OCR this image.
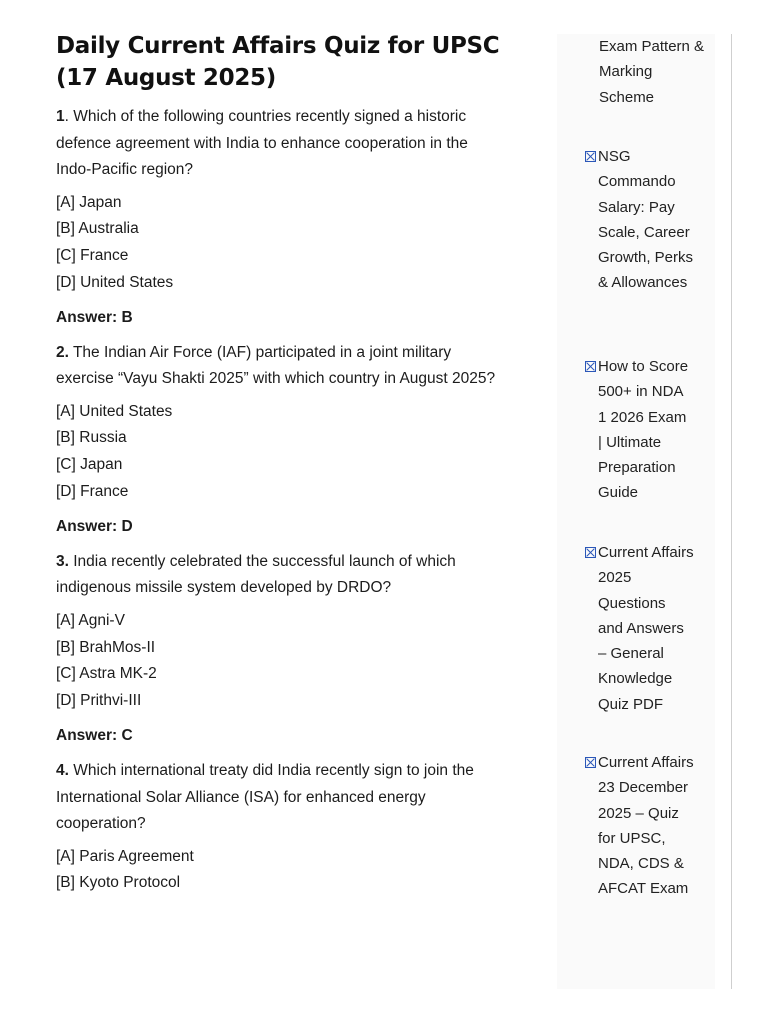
Daily Current Affairs Quiz for UPSC
(17 August 2025)

1. Which of the following countries recently signed a historic defence agreement with India to enhance cooperation in the Indo-Pacific region?

[A] Japan
[B] Australia
[C] France
[D] United States
Answer: B

2. The Indian Air Force (IAF) participated in a joint military exercise “Vayu Shakti 2025” with which country in August 2025?

[A] United States
[B] Russia
[C] Japan
[D] France
Answer: D

3. India recently celebrated the successful launch of which indigenous missile system developed by DRDO?

[A] Agni-V
[B] BrahMos-II
[C] Astra MK-2
[D] Prithvi-III
Answer: C

4. Which international treaty did India recently sign to join the International Solar Alliance (ISA) for enhanced energy cooperation?

[A] Paris Agreement
[B] Kyoto Protocol
Exam Pattern & Marking Scheme
NSG Commando Salary: Pay Scale, Career Growth, Perks & Allowances
How to Score 500+ in NDA 1 2026 Exam | Ultimate Preparation Guide
Current Affairs 2025 Questions and Answers – General Knowledge Quiz PDF
Current Affairs 23 December 2025 – Quiz for UPSC, NDA, CDS & AFCAT Exam
